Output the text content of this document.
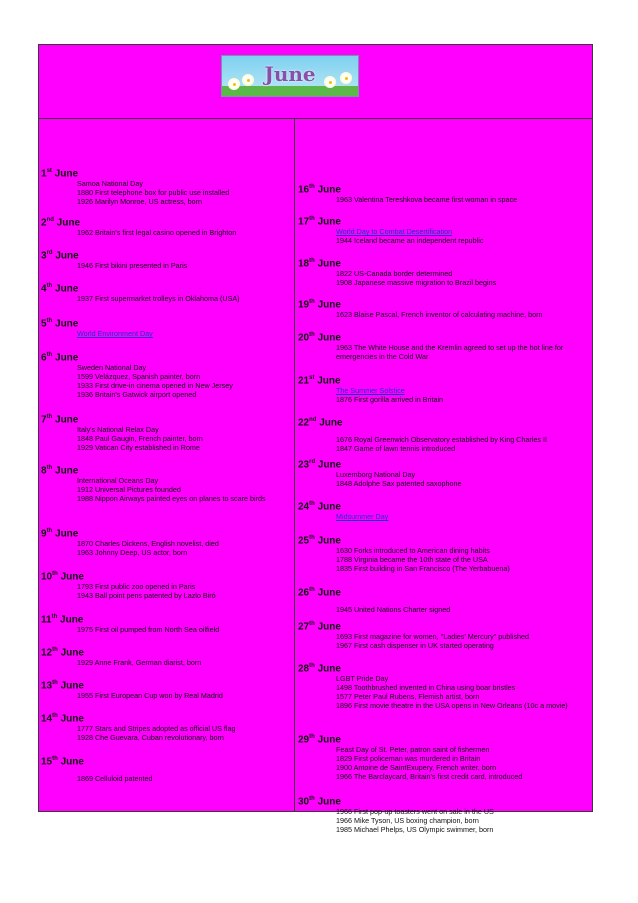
June
1st June
Samoa National Day
1880 First telephone box for public use installed
1926 Marilyn Monroe, US actress, born
2nd June
1962 Britain's first legal casino opened in Brighton
3rd June
1946 First bikini presented in Paris
4th June
1937 First supermarket trolleys in Oklahoma (USA)
5th June
World Environment Day
6th June
Sweden National Day
1599 Velázquez, Spanish painter, born
1933 First drive-in cinema opened in New Jersey
1936 Britain's Gatwick airport opened
7th June
Italy's National Relax Day
1848 Paul Gaugin, French painter, born
1929 Vatican City established in Rome
8th June
International Oceans Day
1912 Universal Pictures founded
1988 Nippon Airways painted eyes on planes to scare birds
9th June
1870 Charles Dickens, English novelist, died
1963 Johnny Deep, US actor, born
10th June
1793 First public zoo opened in Paris
1943 Ball point pens patented by Lazlo Biró
11th June
1975 First oil pumped from North Sea oilfield
12th June
1929 Anne Frank, German diarist, born
13th June
1955 First European Cup won by Real Madrid
14th June
1777 Stars and Stripes adopted as official US flag
1928 Che Guevara, Cuban revolutionary, born
15th June
1869 Celluloid patented
16th June
1963 Valentina Tereshkova became first woman in space
17th June
World Day to Combat Desertification
1944 Iceland became an independent republic
18th June
1822 US-Canada border determined
1908 Japanese massive migration to Brazil begins
19th June
1623 Blaise Pascal, French inventor of calculating machine, born
20th June
1963 The White House and the Kremlin agreed to set up the hot line for emergencies in the Cold War
21st June
The Summer Solstice
1876 First gorilla arrived in Britain
22nd June
1676 Royal Greenwich Observatory established by King Charles II
1847 Game of lawn tennis introduced
23rd June
Luxemborg National Day
1848 Adolphe Sax patented saxophone
24th June
Midsummer Day
25th June
1630 Forks introduced to American dining habits
1788 Virginia became the 10th state of the USA
1835 First building in San Francisco (The Yerbabuena)
26th June
1945 United Nations Charter signed
27th June
1693 First magazine for women, "Ladies' Mercury" published
1967 First cash dispenser in UK started operating
28th June
LGBT Pride Day
1498 Toothbrushed invented in China using boar bristles
1577 Peter Paul Rubens, Flemish artist, born
1896 First movie theatre in the USA opens in New Orleans (10c a movie)
29th June
Feast Day of St. Peter, patron saint of fishermen
1829 First policeman was murdered in Britain
1900 Antoine de SaintExupery, French writer, born
1966 The Barclaycard, Britain's first credit card, introduced
30th June
1966 First pop-up toasters went on sale in the US
1966 Mike Tyson, US boxing champion, born
1985 Michael Phelps, US Olympic swimmer, born
